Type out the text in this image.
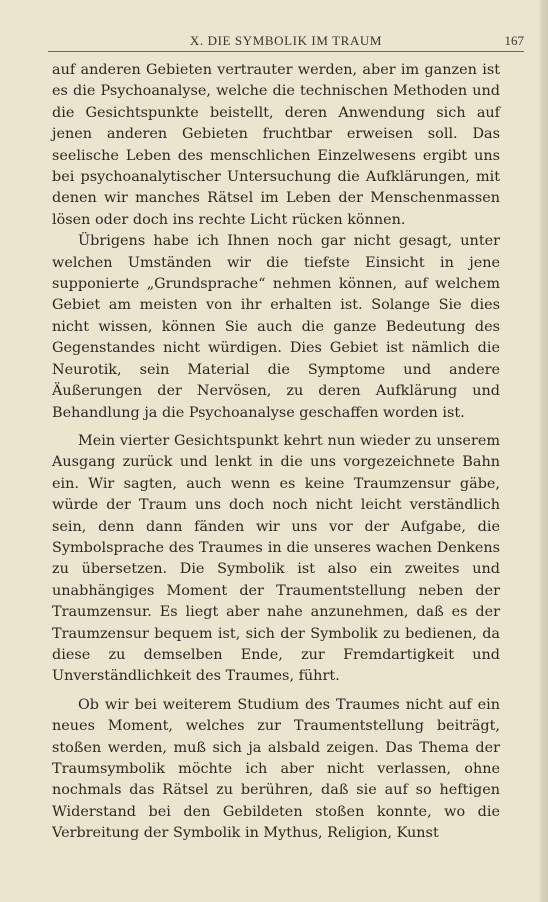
X. DIE SYMBOLIK IM TRAUM	167

auf anderen Gebieten vertrauter werden, aber im ganzen ist es die Psychoanalyse, welche die technischen Methoden und die Gesichtspunkte beistellt, deren Anwendung sich auf jenen anderen Gebieten fruchtbar erweisen soll. Das seelische Leben des menschlichen Einzelwesens ergibt uns bei psychoanalytischer Untersuchung die Aufklärungen, mit denen wir manches Rätsel im Leben der Menschenmassen lösen oder doch ins rechte Licht rücken können.

Übrigens habe ich Ihnen noch gar nicht gesagt, unter welchen Umständen wir die tiefste Einsicht in jene supponierte „Grundsprache“ nehmen können, auf welchem Gebiet am meisten von ihr erhalten ist. Solange Sie dies nicht wissen, können Sie auch die ganze Bedeutung des Gegenstandes nicht würdigen. Dies Gebiet ist nämlich die Neurotik, sein Material die Symptome und andere Äußerungen der Nervösen, zu deren Aufklärung und Behandlung ja die Psychoanalyse geschaffen worden ist.

Mein vierter Gesichtspunkt kehrt nun wieder zu unserem Ausgang zurück und lenkt in die uns vorgezeichnete Bahn ein. Wir sagten, auch wenn es keine Traumzensur gäbe, würde der Traum uns doch noch nicht leicht verständlich sein, denn dann fänden wir uns vor der Aufgabe, die Symbolsprache des Traumes in die unseres wachen Denkens zu übersetzen. Die Symbolik ist also ein zweites und unabhängiges Moment der Traumentstellung neben der Traumzensur. Es liegt aber nahe anzunehmen, daß es der Traumzensur bequem ist, sich der Symbolik zu bedienen, da diese zu demselben Ende, zur Fremdartigkeit und Unverständlichkeit des Traumes, führt.

Ob wir bei weiterem Studium des Traumes nicht auf ein neues Moment, welches zur Traumentstellung beiträgt, stoßen werden, muß sich ja alsbald zeigen. Das Thema der Traumsymbolik möchte ich aber nicht verlassen, ohne nochmals das Rätsel zu berühren, daß sie auf so heftigen Widerstand bei den Gebildeten stoßen konnte, wo die Verbreitung der Symbolik in Mythus, Religion, Kunst
